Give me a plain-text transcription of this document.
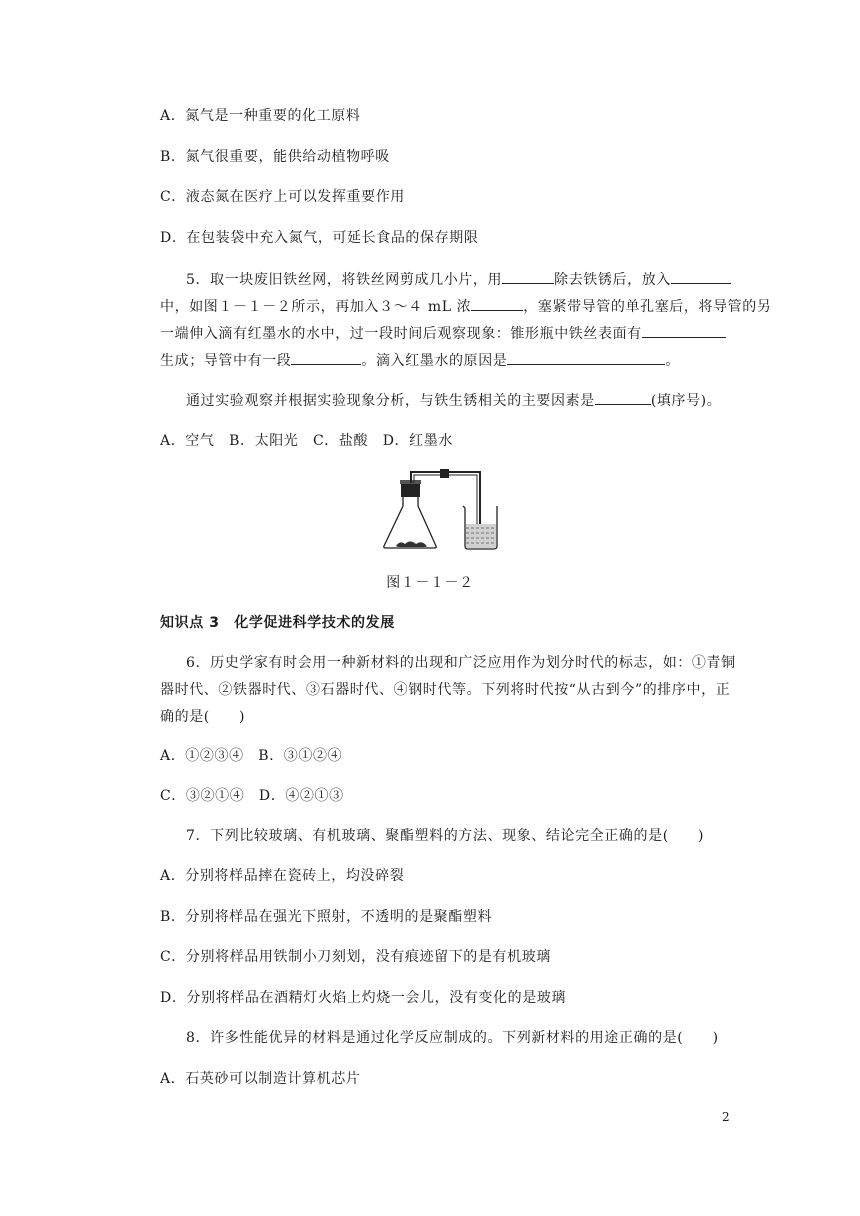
A．氮气是一种重要的化工原料
B．氮气很重要，能供给动植物呼吸
C．液态氮在医疗上可以发挥重要作用
D．在包装袋中充入氮气，可延长食品的保存期限
5．取一块废旧铁丝网，将铁丝网剪成几小片，用	除去铁锈后，放入
中，如图１－１－２所示，再加入３～４ mL 浓	，塞紧带导管的单孔塞后，将导管的另
一端伸入滴有红墨水的水中，过一段时间后观察现象：锥形瓶中铁丝表面有
生成；导管中有一段	。滴入红墨水的原因是	。
通过实验观察并根据实验现象分析，与铁生锈相关的主要因素是	(填序号)。
A．空气　B．太阳光　C．盐酸　D．红墨水
图１－１－２
知识点 3　化学促进科学技术的发展
6．历史学家有时会用一种新材料的出现和广泛应用作为划分时代的标志，如：①青铜
器时代、②铁器时代、③石器时代、④钢时代等。下列将时代按“从古到今”的排序中，正
确的是(　　)
A．①②③④　B．③①②④
C．③②①④　D．④②①③
7．下列比较玻璃、有机玻璃、聚酯塑料的方法、现象、结论完全正确的是(　　)
A．分别将样品摔在瓷砖上，均没碎裂
B．分别将样品在强光下照射，不透明的是聚酯塑料
C．分别将样品用铁制小刀刻划，没有痕迹留下的是有机玻璃
D．分别将样品在酒精灯火焰上灼烧一会儿，没有变化的是玻璃
8．许多性能优异的材料是通过化学反应制成的。下列新材料的用途正确的是(　　)
A．石英砂可以制造计算机芯片
2
